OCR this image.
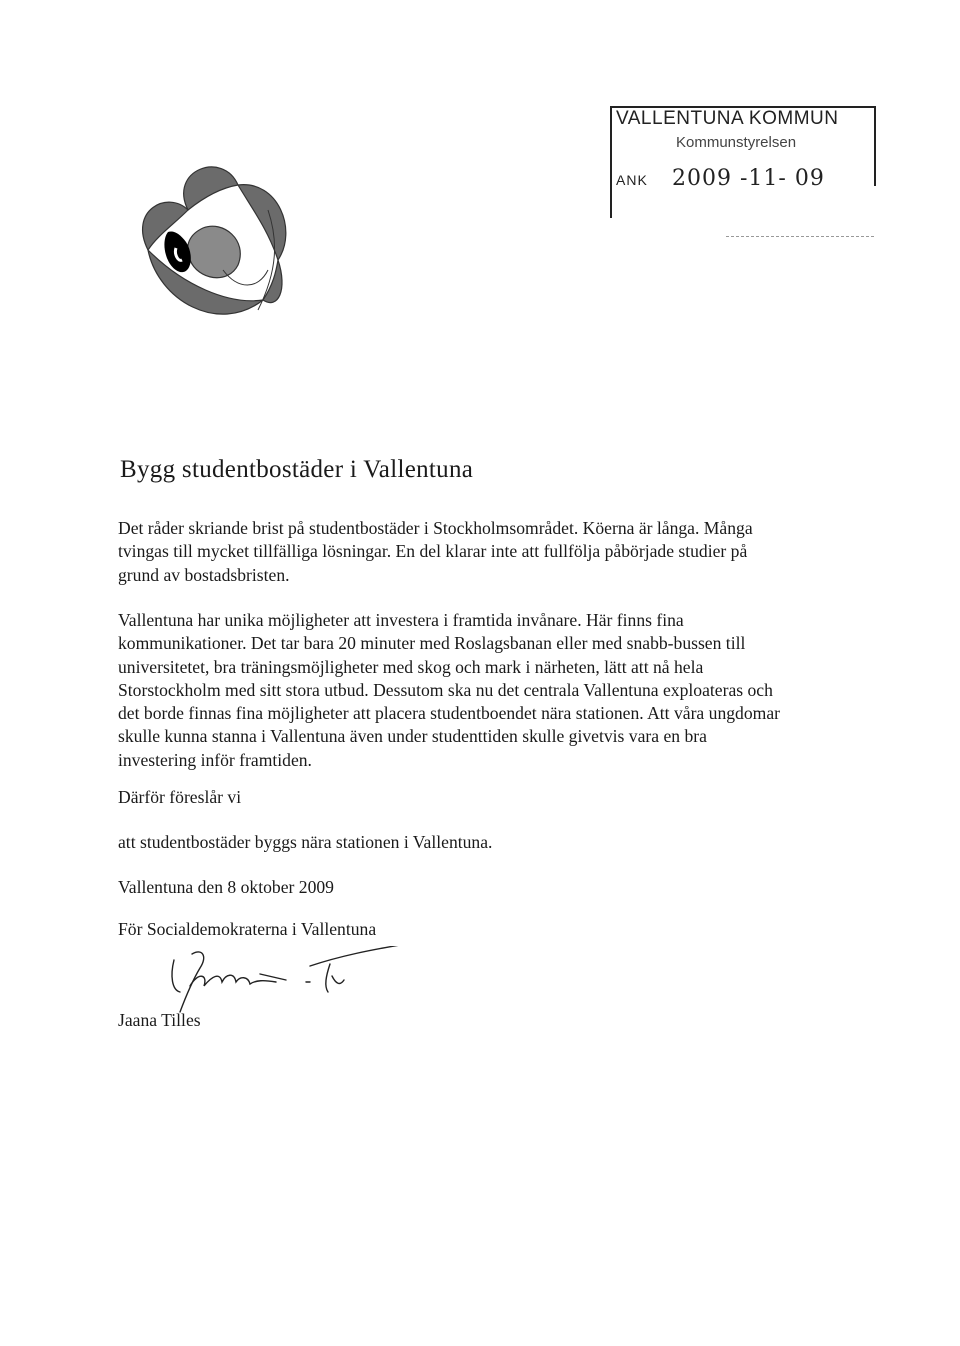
VALLENTUNA KOMMUN
Kommunstyrelsen
ANK 2009 -11- 09
Bygg studentbostäder i Vallentuna

Det råder skriande brist på studentbostäder i Stockholmsområdet. Köerna är långa. Många
tvingas till mycket tillfälliga lösningar. En del klarar inte att fullfölja påbörjade studier på
grund av bostadsbristen.

Vallentuna har unika möjligheter att investera i framtida invånare. Här finns fina
kommunikationer. Det tar bara 20 minuter med Roslagsbanan eller med snabb-bussen till
universitetet, bra träningsmöjligheter med skog och mark i närheten, lätt att nå hela
Storstockholm med sitt stora utbud. Dessutom ska nu det centrala Vallentuna exploateras och
det borde finnas fina möjligheter att placera studentboendet nära stationen. Att våra ungdomar
skulle kunna stanna i Vallentuna även under studenttiden skulle givetvis vara en bra
investering inför framtiden.

Därför föreslår vi

att studentbostäder byggs nära stationen i Vallentuna.

Vallentuna den 8 oktober 2009

För Socialdemokraterna i Vallentuna

Jaana Tilles
